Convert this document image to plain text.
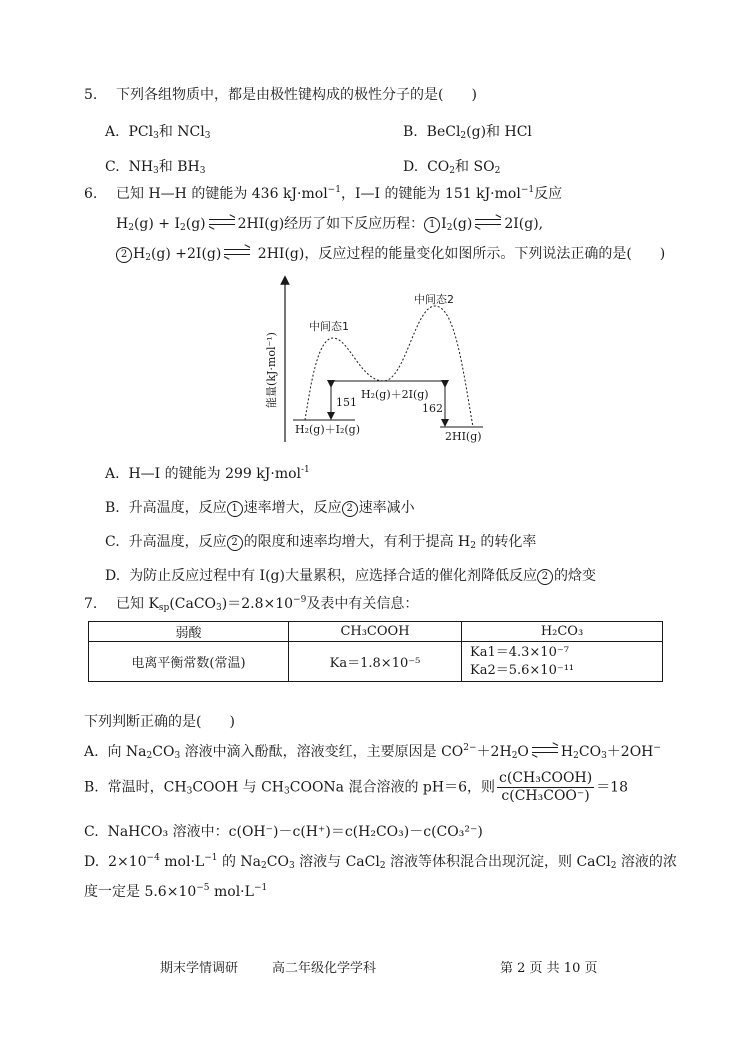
5. 下列各组物质中，都是由极性键构成的极性分子的是(　　)
A. PCl$_3$和 NCl$_3$	B. BeCl$_2$(g)和 HCl
C. $NH_3$和 $BH_3$	D. $CO_2$和 $SO_2$
6. 已知 H—H 的键能为 436 kJ·mol$^{-1}$，I—I 的键能为 151 kJ·mol$^{-1}$反应
$H_2(g) + I_2(g)$ 2HI(g)经历了如下反应历程： 1 $I_2(g)$ 2I(g),
2 $H_2(g) +2I(g)$	2HI(g)，反应过程的能量变化如图所示。下列说法正确的是(　　)
能量(kJ·mol⁻¹)
中间态1
中间态2
H₂(g)＋2I(g)
H₂(g)＋I₂(g)
2HI(g)
151	162
A. H—I 的键能为 299 kJ·mol$^{-1}$
B. 升高温度，反应 1 速率增大，反应 2 速率减小
C. 升高温度，反应 2 的限度和速率均增大，有利于提高 $H_2$ 的转化率
D. 为防止反应过程中有 I(g)大量累积，应选择合适的催化剂降低反应 2 的焓变
7. 已知 $K_{sp}(CaCO_3)=2.8\times 10^{-9}$及表中有关信息：
弱酸	CH₃COOH	H₂CO₃
电离平衡常数(常温)	Ka＝1.8×10⁻⁵	Ka1＝4.3×10⁻⁷
Ka2＝5.6×10⁻¹¹
下列判断正确的是(　　)
A. 向 $Na_2CO_3$ 溶液中滴入酚酞，溶液变红，主要原因是 $CO^{2-}+2H_2O$ $H_2CO_3+2OH^-$
B. 常温时，$CH_3COOH$ 与 $CH_3COONa$ 混合溶液的 pH＝6，则 $\frac{\text{c(CH₃COOH)}}{\text{c(CH₃COO⁻)}} =18$
C. NaHCO₃ 溶液中：c(OH⁻)－c(H⁺)＝c(H₂CO₃)－c(CO₃²⁻)
D. $2\times 10^{-4}$ $mol\cdot L^{-1}$ 的 $Na_2CO_3$ 溶液与 CaCl$_2$ 溶液等体积混合出现沉淀，则 CaCl$_2$ 溶液的浓
度一定是 $5.6\times 10^{-5}$ $mol\cdot L^{-1}$
期末学情调研	高二年级化学学科	第 2 页 共 10 页
